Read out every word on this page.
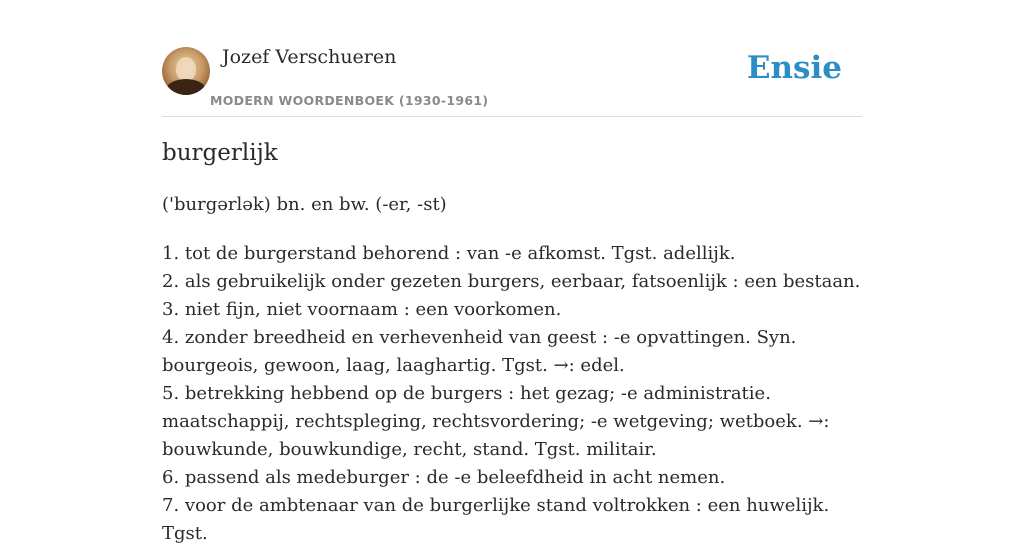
Jozef Verschueren
MODERN WOORDENBOEK (1930-1961)
Ensie
burgerlijk
('burgərlək) bn. en bw. (-er, -st)

1. tot de burgerstand behorend : van -e afkomst. Tgst. adellijk.

2. als gebruikelijk onder gezeten burgers, eerbaar, fatsoenlijk : een bestaan.

3. niet fijn, niet voornaam : een voorkomen.

4. zonder breedheid en verhevenheid van geest : -e opvattingen. Syn. bourgeois, gewoon, laag, laaghartig. Tgst. →: edel.

5. betrekking hebbend op de burgers : het gezag; -e administratie. maatschappij, rechtspleging, rechtsvordering; -e wetgeving; wetboek. →: bouwkunde, bouwkundige, recht, stand. Tgst. militair.

6. passend als medeburger : de -e beleefdheid in acht nemen.

7. voor de ambtenaar van de burgerlijke stand voltrokken : een huwelijk. Tgst.
